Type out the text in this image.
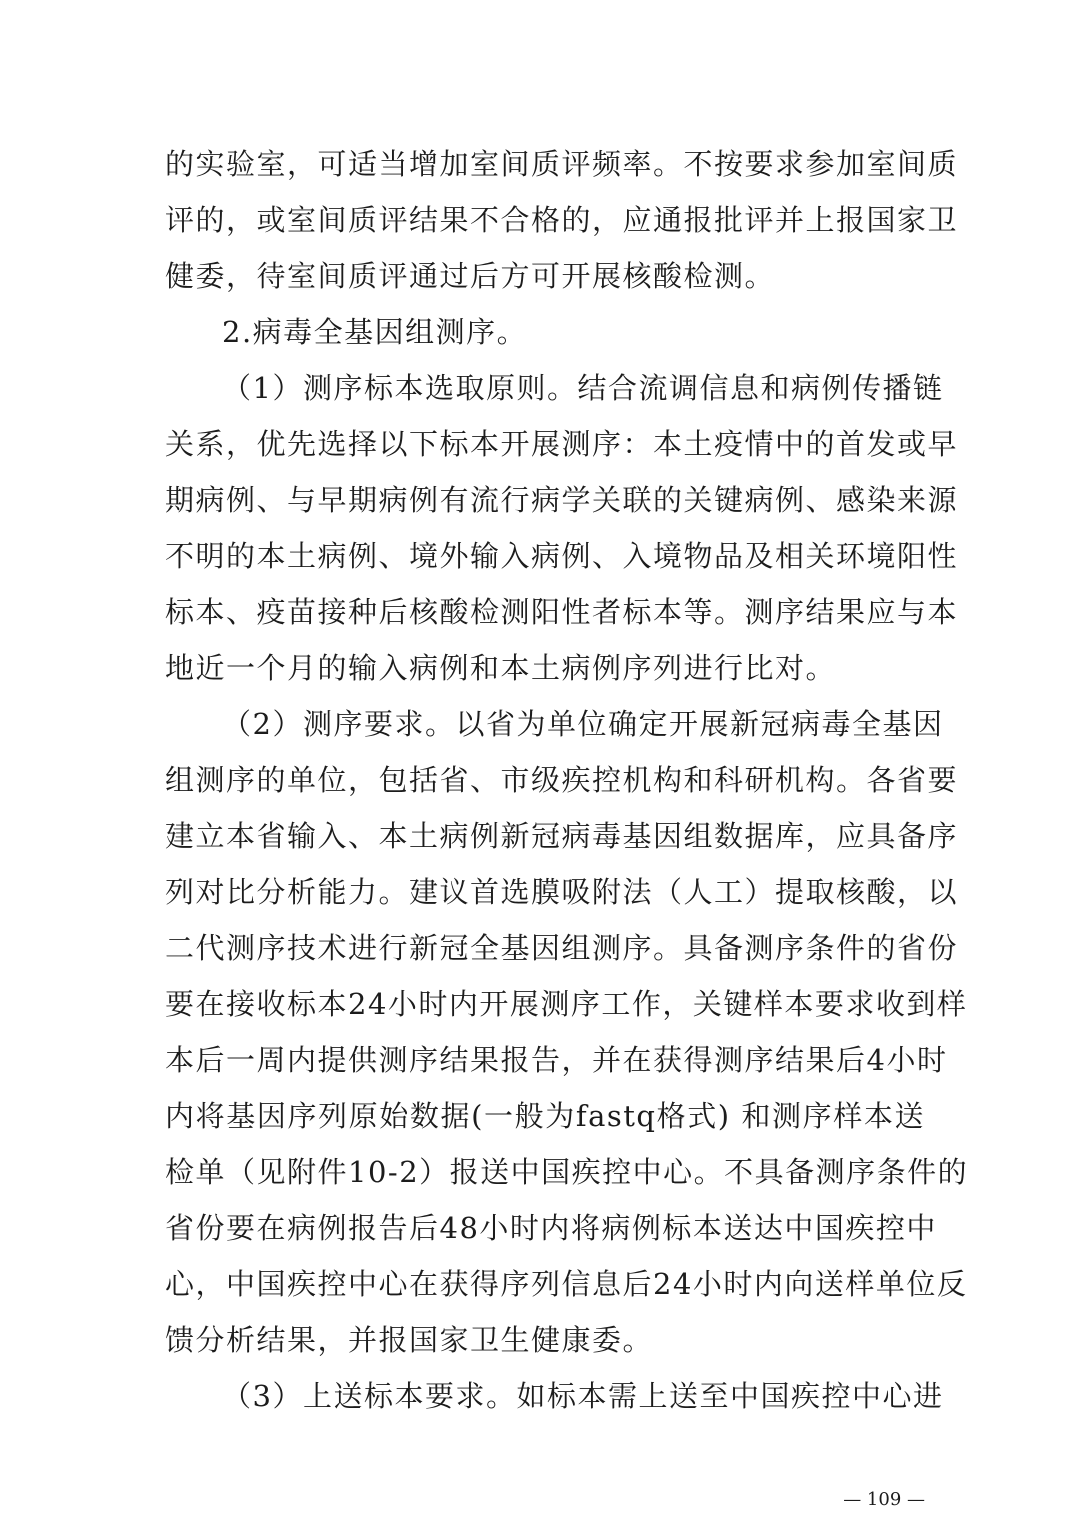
的实验室，可适当增加室间质评频率。不按要求参加室间质
评的，或室间质评结果不合格的，应通报批评并上报国家卫
健委，待室间质评通过后方可开展核酸检测。
2.病毒全基因组测序。
（1）测序标本选取原则。结合流调信息和病例传播链
关系，优先选择以下标本开展测序：本土疫情中的首发或早
期病例、与早期病例有流行病学关联的关键病例、感染来源
不明的本土病例、境外输入病例、入境物品及相关环境阳性
标本、疫苗接种后核酸检测阳性者标本等。测序结果应与本
地近一个月的输入病例和本土病例序列进行比对。
（2）测序要求。以省为单位确定开展新冠病毒全基因
组测序的单位，包括省、市级疾控机构和科研机构。各省要
建立本省输入、本土病例新冠病毒基因组数据库，应具备序
列对比分析能力。建议首选膜吸附法（人工）提取核酸，以
二代测序技术进行新冠全基因组测序。具备测序条件的省份
要在接收标本24小时内开展测序工作，关键样本要求收到样
本后一周内提供测序结果报告，并在获得测序结果后4小时
内将基因序列原始数据(一般为fastq格式) 和测序样本送
检单（见附件10-2）报送中国疾控中心。不具备测序条件的
省份要在病例报告后48小时内将病例标本送达中国疾控中
心，中国疾控中心在获得序列信息后24小时内向送样单位反
馈分析结果，并报国家卫生健康委。
（3）上送标本要求。如标本需上送至中国疾控中心进
— 109 —
